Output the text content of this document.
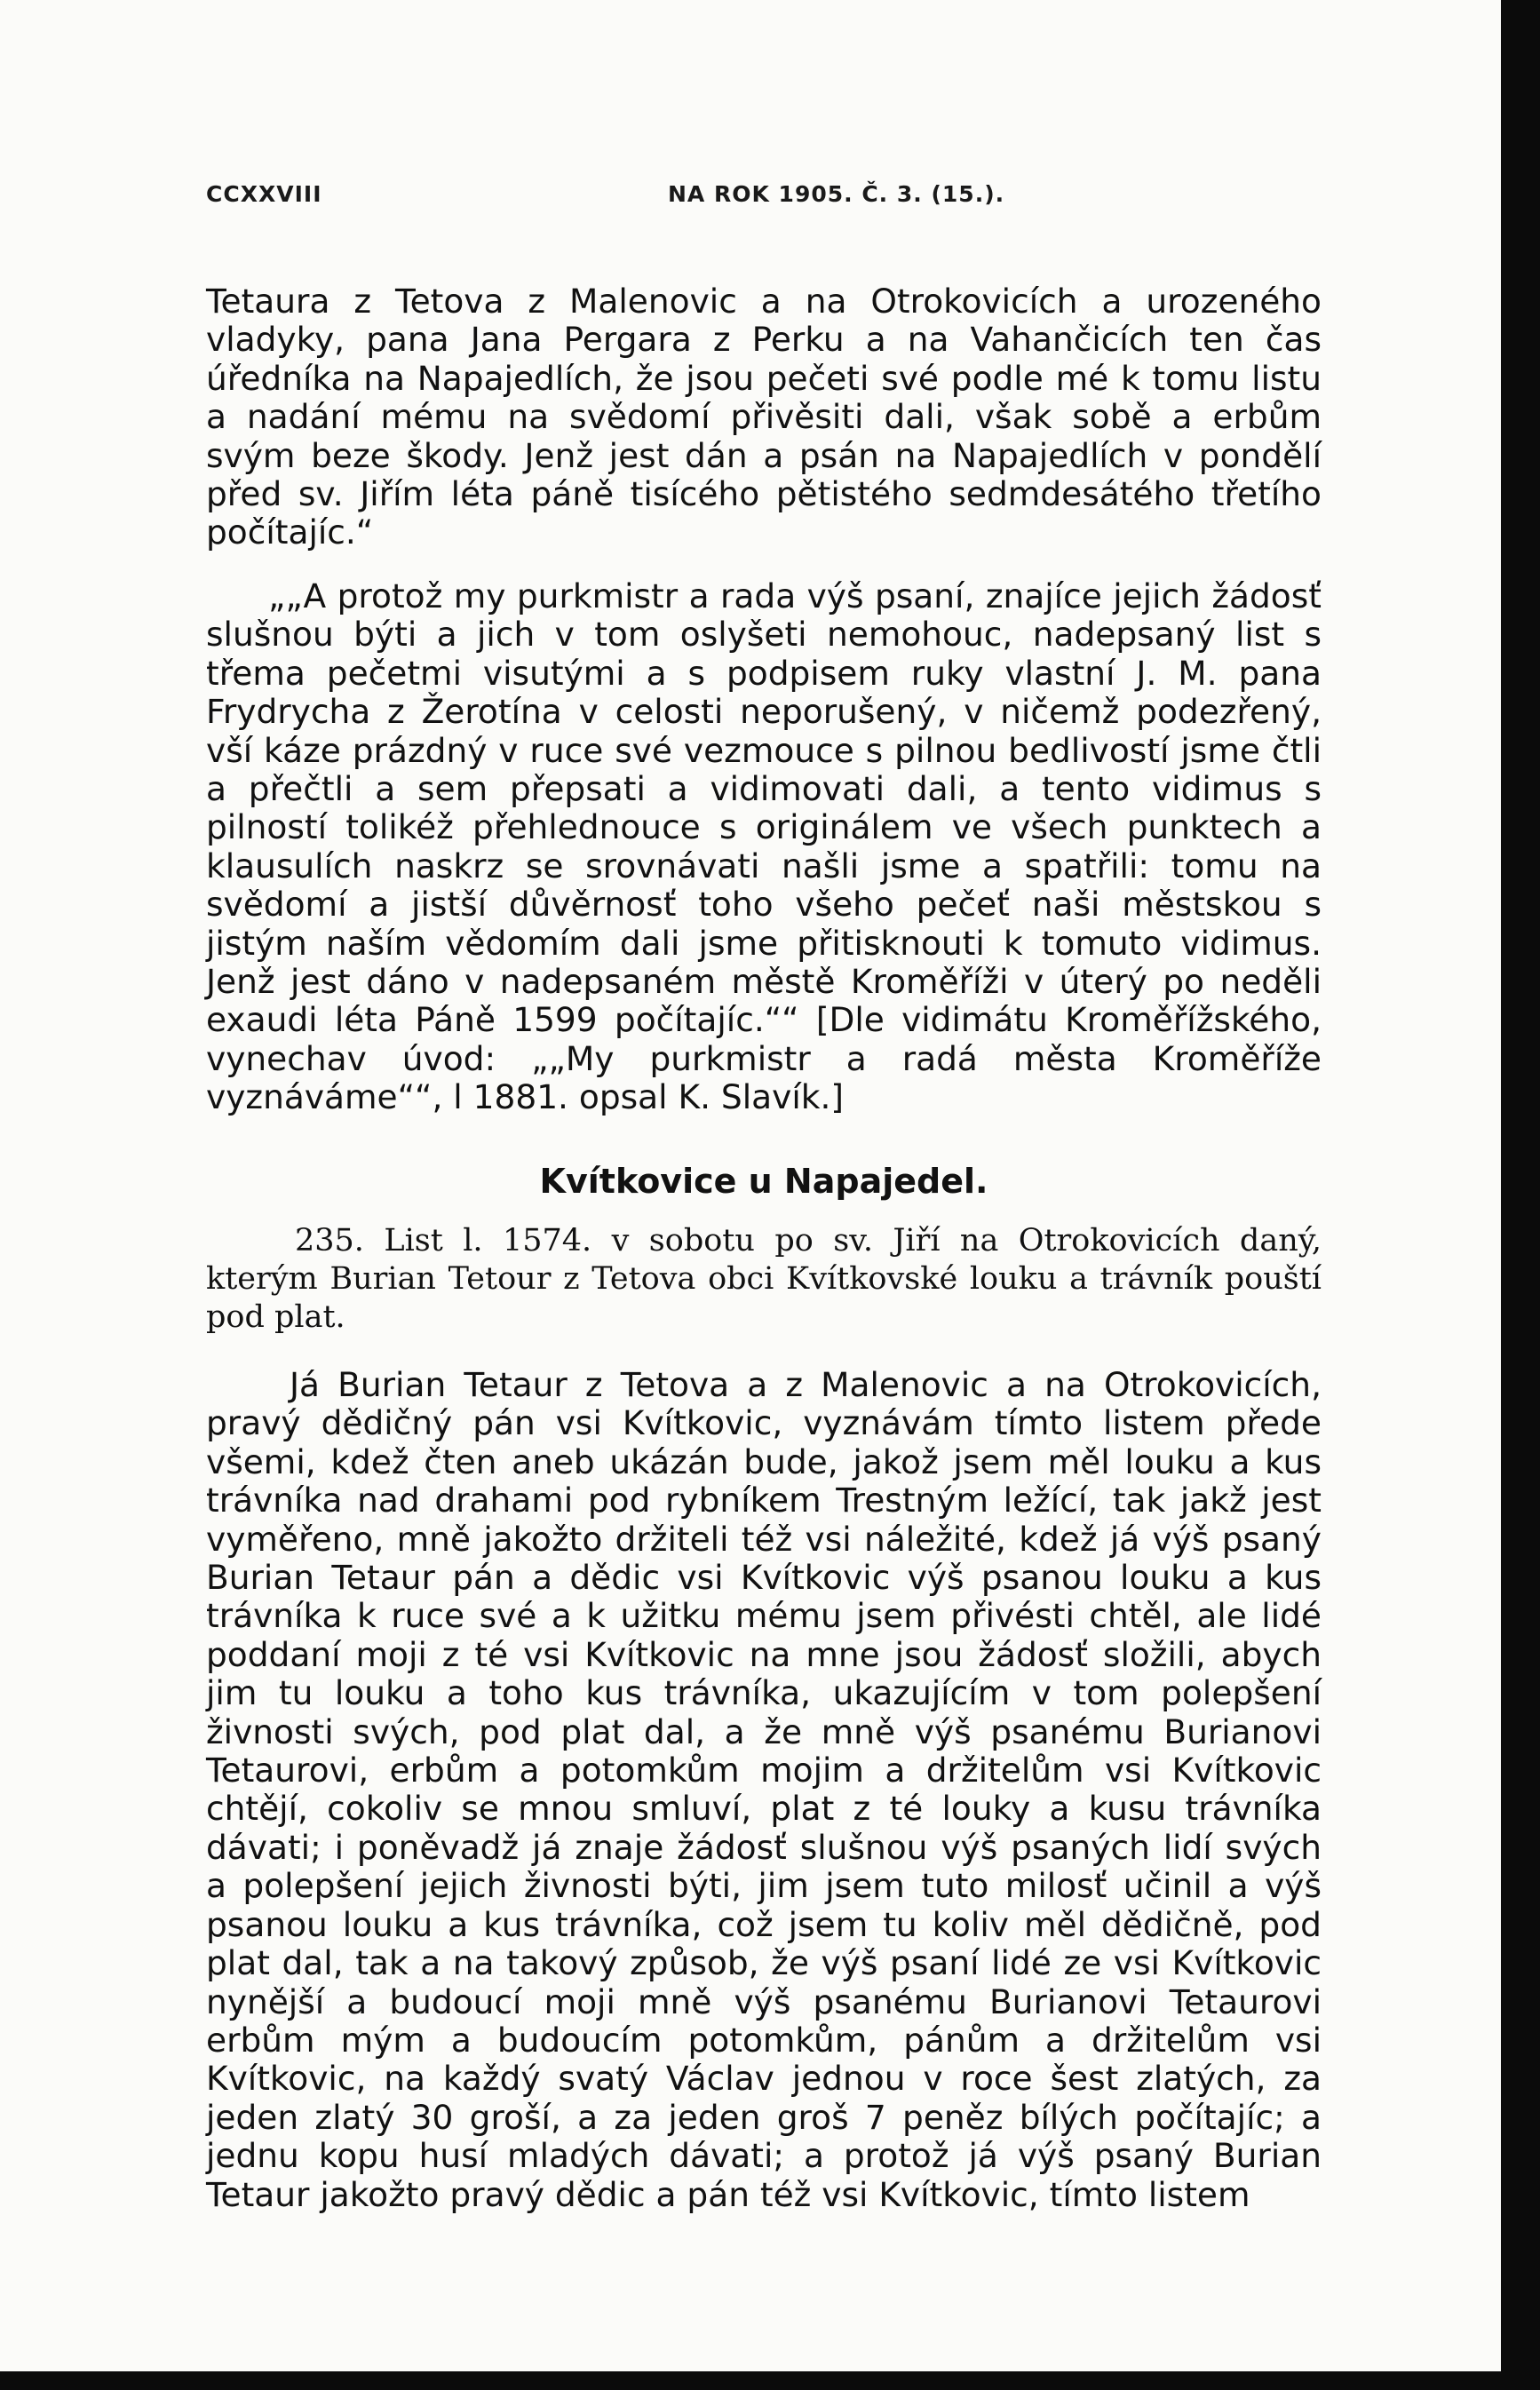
CCXXVIII	NA ROK 1905. Č. 3. (15.).
Tetaura z Tetova z Malenovic a na Otrokovicích a urozeného vladyky, pana Jana Pergara z Perku a na Vahančicích ten čas úředníka na Napajedlích, že jsou pečeti své podle mé k tomu listu a nadání mému na svědomí přivěsiti dali, však sobě a erbům svým beze škody. Jenž jest dán a psán na Napajedlích v pondělí před sv. Jiřím léta páně tisícého pětistého sedmdesátého třetího počítajíc.“
„„A protož my purkmistr a rada výš psaní, znajíce jejich žádosť slušnou býti a jich v tom oslyšeti nemohouc, nadepsaný list s třema pečetmi visutými a s podpisem ruky vlastní J. M. pana Frydrycha z Žerotína v celosti neporušený, v ničemž podezřený, vší káze prázdný v ruce své vezmouce s pilnou bedlivostí jsme čtli a přečtli a sem přepsati a vidimovati dali, a tento vidimus s pilností tolikéž přehlednouce s originálem ve všech punktech a klausulích naskrz se srovnávati našli jsme a spatřili: tomu na svědomí a jistší důvěrnosť toho všeho pečeť naši městskou s jistým naším vědomím dali jsme přitisknouti k tomuto vidimus. Jenž jest dáno v nadepsaném městě Kroměříži v úterý po neděli exaudi léta Páně 1599 počítajíc.““ [Dle vidimátu Kroměřížského, vynechav úvod: „„My purkmistr a radá města Kroměříže vyznáváme““, l 1881. opsal K. Slavík.]
Kvítkovice u Napajedel.
235. List l. 1574. v sobotu po sv. Jiří na Otrokovicích daný, kterým Burian Tetour z Tetova obci Kvítkovské louku a trávník pouští pod plat.
Já Burian Tetaur z Tetova a z Malenovic a na Otrokovicích, pravý dědičný pán vsi Kvítkovic, vyznávám tímto listem přede všemi, kdež čten aneb ukázán bude, jakož jsem měl louku a kus trávníka nad drahami pod rybníkem Trestným ležící, tak jakž jest vyměřeno, mně jakožto držiteli též vsi náležité, kdež já výš psaný Burian Tetaur pán a dědic vsi Kvítkovic výš psanou louku a kus trávníka k ruce své a k užitku mému jsem přivésti chtěl, ale lidé poddaní moji z té vsi Kvítkovic na mne jsou žádosť složili, abych jim tu louku a toho kus trávníka, ukazujícím v tom polepšení živnosti svých, pod plat dal, a že mně výš psanému Burianovi Tetaurovi, erbům a potomkům mojim a držitelům vsi Kvítkovic chtějí, cokoliv se mnou smluví, plat z té louky a kusu trávníka dávati; i poněvadž já znaje žádosť slušnou výš psaných lidí svých a polepšení jejich živnosti býti, jim jsem tuto milosť učinil a výš psanou louku a kus trávníka, což jsem tu koliv měl dědičně, pod plat dal, tak a na takový způsob, že výš psaní lidé ze vsi Kvítkovic nynější a budoucí moji mně výš psanému Burianovi Tetaurovi erbům mým a budoucím potomkům, pánům a držitelům vsi Kvítkovic, na každý svatý Václav jednou v roce šest zlatých, za jeden zlatý 30 groší, a za jeden groš 7 peněz bílých počítajíc; a jednu kopu husí mladých dávati; a protož já výš psaný Burian Tetaur jakožto pravý dědic a pán též vsi Kvítkovic, tímto listem
